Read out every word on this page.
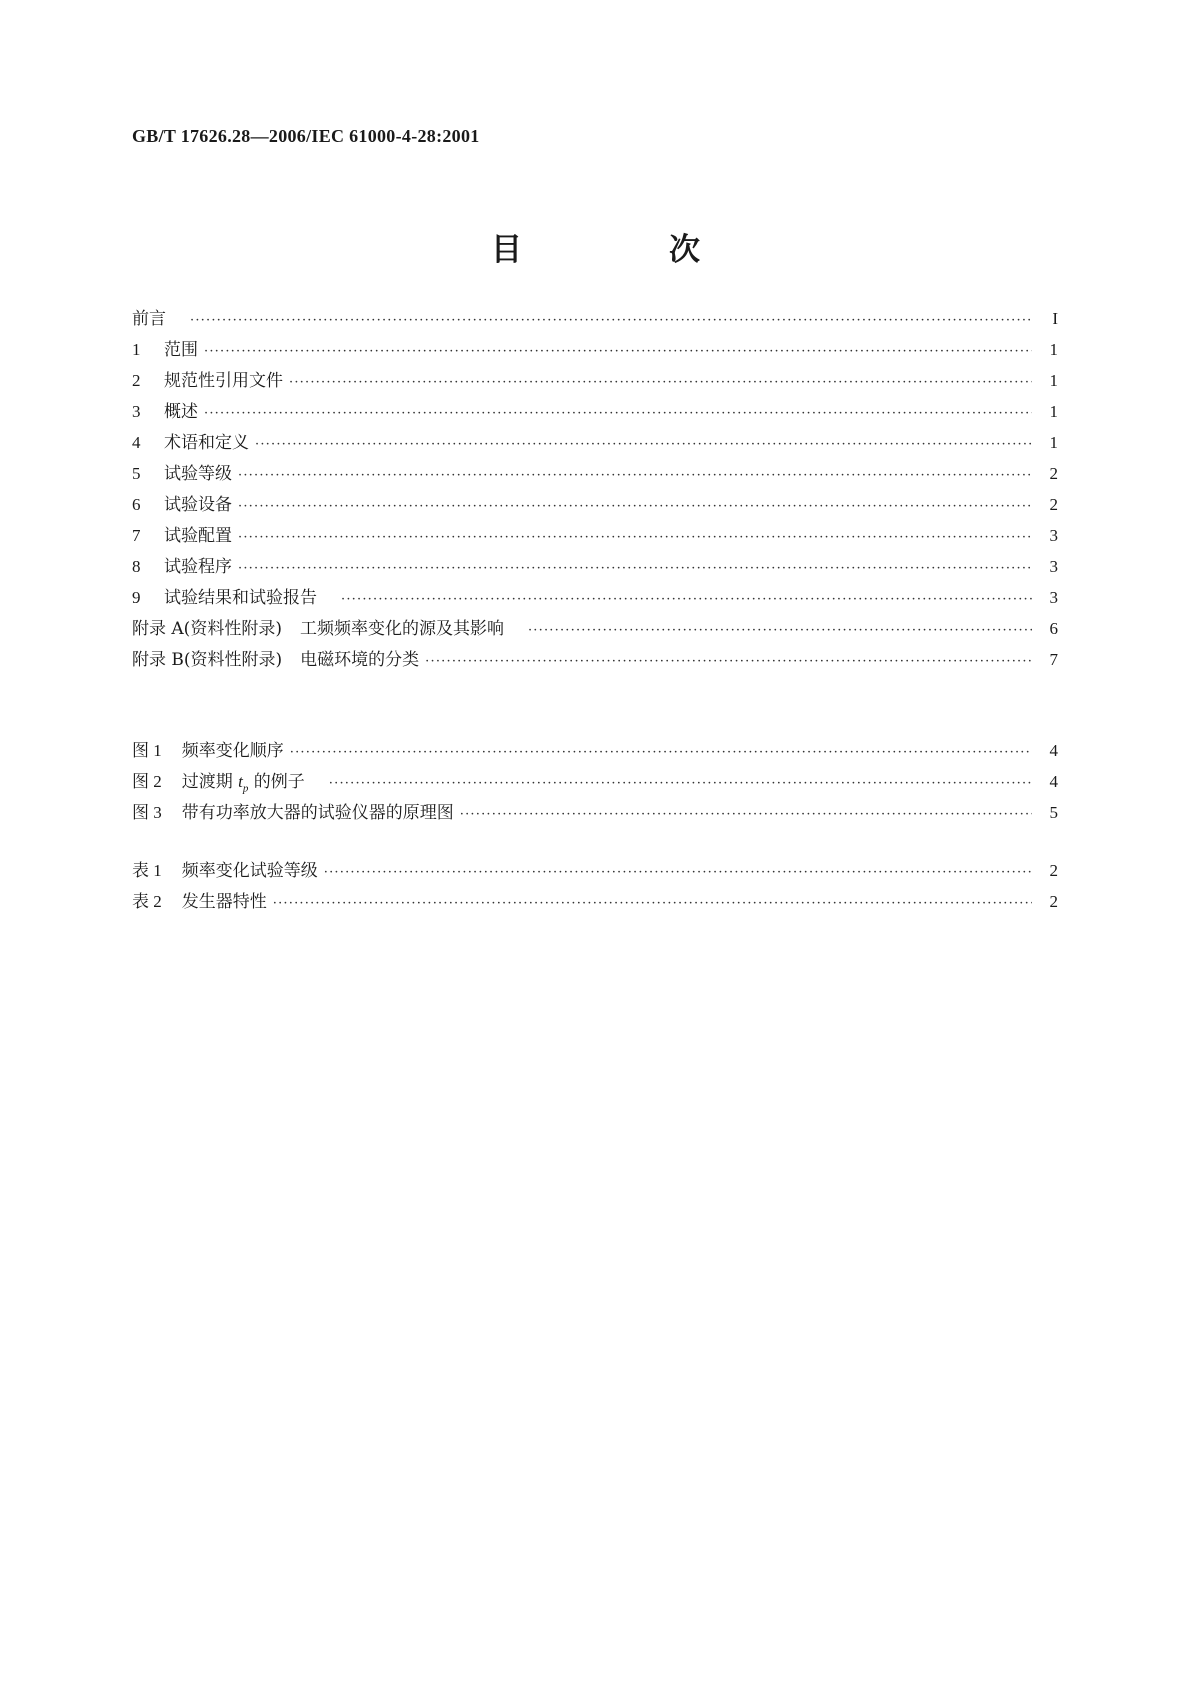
GB/T 17626.28—2006/IEC 61000-4-28:2001
目　次
前言 ·····	I
1 范围 ·····	1
2 规范性引用文件 ·····	1
3 概述 ·····	1
4 术语和定义 ·····	1
5 试验等级 ·····	2
6 试验设备 ·····	2
7 试验配置 ·····	3
8 试验程序 ·····	3
9 试验结果和试验报告 ·····	3
附录 A(资料性附录) 工频频率变化的源及其影响 ·····	6
附录 B(资料性附录) 电磁环境的分类 ·····	7
图 1 频率变化顺序 ·····	4
图 2 过渡期 $t_p$ 的例子 ·····	4
图 3 带有功率放大器的试验仪器的原理图 ·····	5
表 1 频率变化试验等级 ·····	2
表 2 发生器特性 ·····	2
